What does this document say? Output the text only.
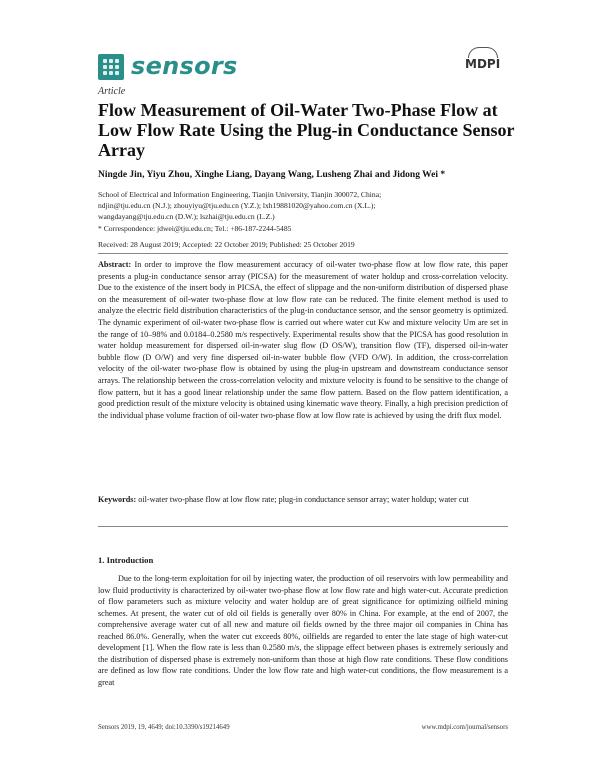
sensors	MDPI
Article
Flow Measurement of Oil-Water Two-Phase Flow at Low Flow Rate Using the Plug-in Conductance Sensor Array
Ningde Jin, Yiyu Zhou, Xinghe Liang, Dayang Wang, Lusheng Zhai and Jidong Wei *
School of Electrical and Information Engineering, Tianjin University, Tianjin 300072, China;
ndjin@tju.edu.cn (N.J.); zhouyiyu@tju.edu.cn (Y.Z.); lxh19881020@yahoo.com.cn (X.L.);
wangdayang@tju.edu.cn (D.W.); lszhai@tju.edu.cn (L.Z.)
* Correspondence: jdwei@tju.edu.cn; Tel.: +86-187-2244-5485
Received: 28 August 2019; Accepted: 22 October 2019; Published: 25 October 2019
Abstract: In order to improve the flow measurement accuracy of oil-water two-phase flow at low flow rate, this paper presents a plug-in conductance sensor array (PICSA) for the measurement of water holdup and cross-correlation velocity. Due to the existence of the insert body in PICSA, the effect of slippage and the non-uniform distribution of dispersed phase on the measurement of oil-water two-phase flow at low flow rate can be reduced. The finite element method is used to analyze the electric field distribution characteristics of the plug-in conductance sensor, and the sensor geometry is optimized. The dynamic experiment of oil-water two-phase flow is carried out where water cut Kw and mixture velocity Um are set in the range of 10–98% and 0.0184–0.2580 m/s respectively. Experimental results show that the PICSA has good resolution in water holdup measurement for dispersed oil-in-water slug flow (D OS/W), transition flow (TF), dispersed oil-in-water bubble flow (D O/W) and very fine dispersed oil-in-water bubble flow (VFD O/W). In addition, the cross-correlation velocity of the oil-water two-phase flow is obtained by using the plug-in upstream and downstream conductance sensor arrays. The relationship between the cross-correlation velocity and mixture velocity is found to be sensitive to the change of flow pattern, but it has a good linear relationship under the same flow pattern. Based on the flow pattern identification, a good prediction result of the mixture velocity is obtained using kinematic wave theory. Finally, a high precision prediction of the individual phase volume fraction of oil-water two-phase flow at low flow rate is achieved by using the drift flux model.
Keywords: oil-water two-phase flow at low flow rate; plug-in conductance sensor array; water holdup; water cut
1. Introduction
Due to the long-term exploitation for oil by injecting water, the production of oil reservoirs with low permeability and low fluid productivity is characterized by oil-water two-phase flow at low flow rate and high water-cut. Accurate prediction of flow parameters such as mixture velocity and water holdup are of great significance for optimizing oilfield mining schemes. At present, the water cut of old oil fields is generally over 80% in China. For example, at the end of 2007, the comprehensive average water cut of all new and mature oil fields owned by the three major oil companies in China has reached 86.0%. Generally, when the water cut exceeds 80%, oilfields are regarded to enter the late stage of high water-cut development [1]. When the flow rate is less than 0.2580 m/s, the slippage effect between phases is extremely seriously and the distribution of dispersed phase is extremely non-uniform than those at high flow rate conditions. These flow conditions are defined as low flow rate conditions. Under the low flow rate and high water-cut conditions, the flow measurement is a great
Sensors 2019, 19, 4649; doi:10.3390/s19214649	www.mdpi.com/journal/sensors
